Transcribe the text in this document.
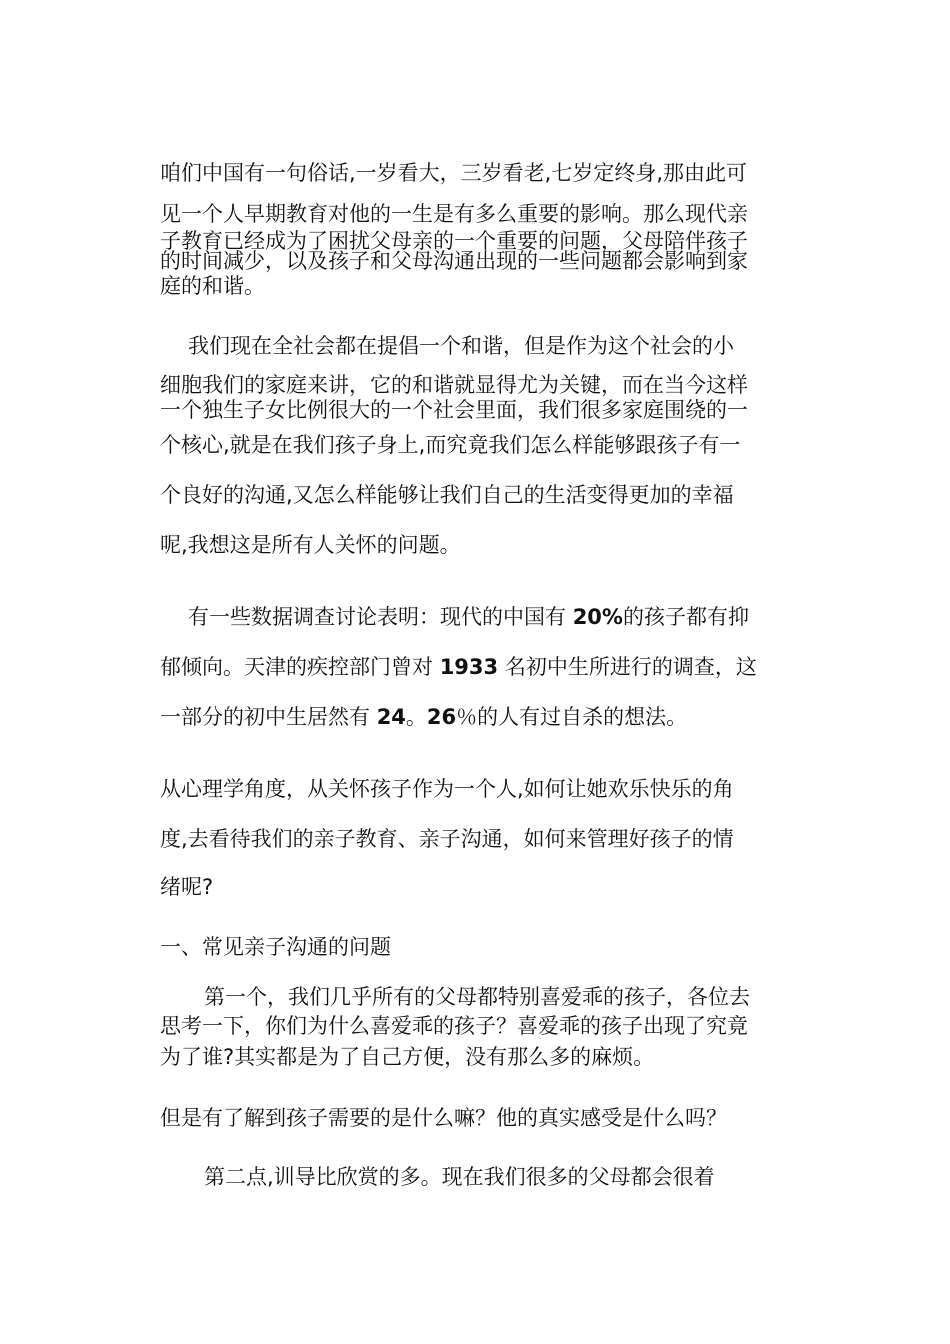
咱们中国有一句俗话,一岁看大，三岁看老,七岁定终身,那由此可
见一个人早期教育对他的一生是有多么重要的影响。那么现代亲
子教育已经成为了困扰父母亲的一个重要的问题，父母陪伴孩子
的时间减少，以及孩子和父母沟通出现的一些问题都会影响到家
庭的和谐。
我们现在全社会都在提倡一个和谐，但是作为这个社会的小
细胞我们的家庭来讲，它的和谐就显得尤为关键，而在当今这样
一个独生子女比例很大的一个社会里面，我们很多家庭围绕的一
个核心,就是在我们孩子身上,而究竟我们怎么样能够跟孩子有一
个良好的沟通,又怎么样能够让我们自己的生活变得更加的幸福
呢,我想这是所有人关怀的问题。
有一些数据调查讨论表明：现代的中国有 20%的孩子都有抑
郁倾向。天津的疾控部门曾对 1933 名初中生所进行的调查，这
一部分的初中生居然有 24。26％的人有过自杀的想法。
从心理学角度，从关怀孩子作为一个人,如何让她欢乐快乐的角
度,去看待我们的亲子教育、亲子沟通，如何来管理好孩子的情
绪呢?
一、常见亲子沟通的问题
第一个，我们几乎所有的父母都特别喜爱乖的孩子，各位去
思考一下，你们为什么喜爱乖的孩子？喜爱乖的孩子出现了究竟
为了谁?其实都是为了自己方便，没有那么多的麻烦。
但是有了解到孩子需要的是什么嘛？他的真实感受是什么吗？
第二点,训导比欣赏的多。现在我们很多的父母都会很着
